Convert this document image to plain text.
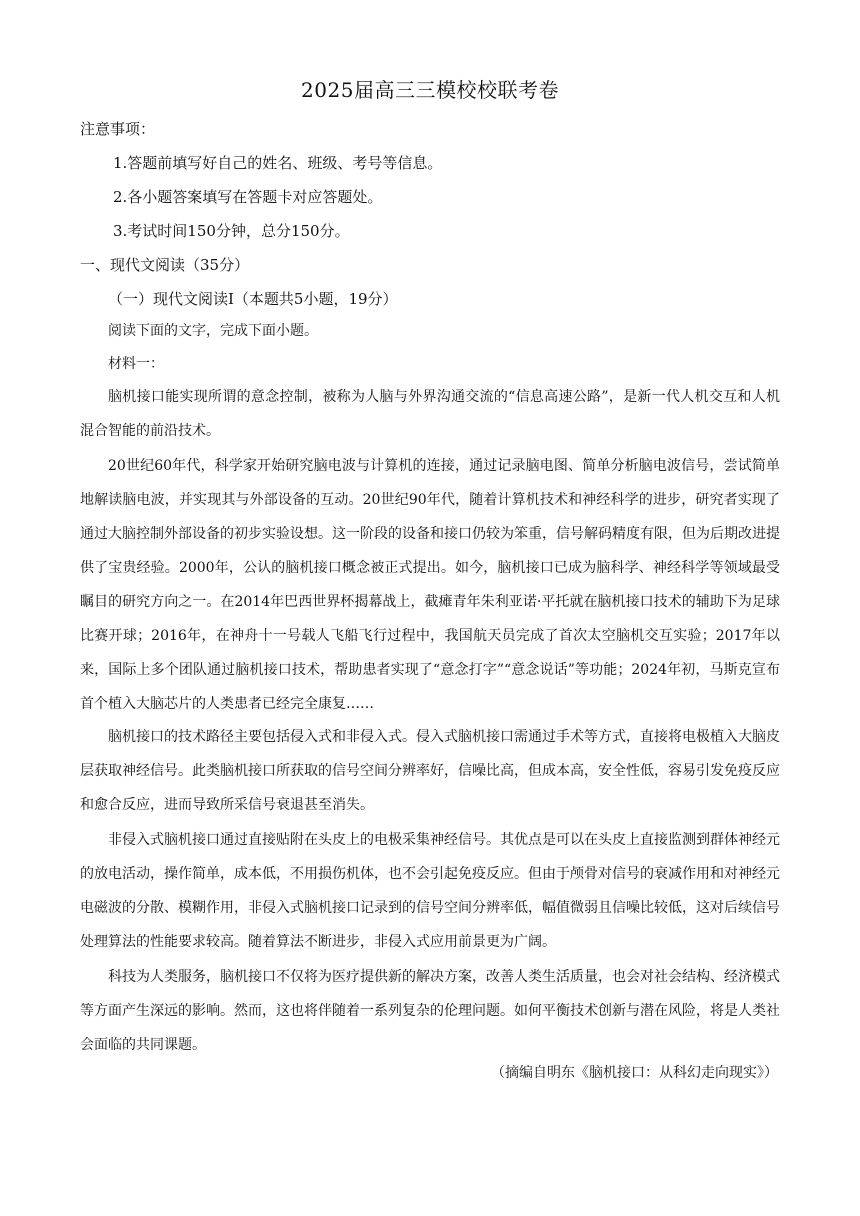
2025届高三三模校校联考卷
注意事项：
1.答题前填写好自己的姓名、班级、考号等信息。
2.各小题答案填写在答题卡对应答题处。
3.考试时间150分钟，总分150分。
一、现代文阅读（35分）
（一）现代文阅读Ⅰ（本题共5小题，19分）
阅读下面的文字，完成下面小题。
材料一：

脑机接口能实现所谓的意念控制，被称为人脑与外界沟通交流的“信息高速公路”，是新一代人机交互和人机混合智能的前沿技术。

20世纪60年代，科学家开始研究脑电波与计算机的连接，通过记录脑电图、简单分析脑电波信号，尝试简单地解读脑电波，并实现其与外部设备的互动。20世纪90年代，随着计算机技术和神经科学的进步，研究者实现了通过大脑控制外部设备的初步实验设想。这一阶段的设备和接口仍较为笨重，信号解码精度有限，但为后期改进提供了宝贵经验。2000年，公认的脑机接口概念被正式提出。如今，脑机接口已成为脑科学、神经科学等领域最受瞩目的研究方向之一。在2014年巴西世界杯揭幕战上，截瘫青年朱利亚诺·平托就在脑机接口技术的辅助下为足球比赛开球；2016年，在神舟十一号载人飞船飞行过程中，我国航天员完成了首次太空脑机交互实验；2017年以来，国际上多个团队通过脑机接口技术，帮助患者实现了“意念打字”“意念说话”等功能；2024年初，马斯克宣布首个植入大脑芯片的人类患者已经完全康复……

脑机接口的技术路径主要包括侵入式和非侵入式。侵入式脑机接口需通过手术等方式，直接将电极植入大脑皮层获取神经信号。此类脑机接口所获取的信号空间分辨率好，信噪比高，但成本高，安全性低，容易引发免疫反应和愈合反应，进而导致所采信号衰退甚至消失。

非侵入式脑机接口通过直接贴附在头皮上的电极采集神经信号。其优点是可以在头皮上直接监测到群体神经元的放电活动，操作简单，成本低，不用损伤机体，也不会引起免疫反应。但由于颅骨对信号的衰减作用和对神经元电磁波的分散、模糊作用，非侵入式脑机接口记录到的信号空间分辨率低，幅值微弱且信噪比较低，这对后续信号处理算法的性能要求较高。随着算法不断进步，非侵入式应用前景更为广阔。

科技为人类服务，脑机接口不仅将为医疗提供新的解决方案，改善人类生活质量，也会对社会结构、经济模式等方面产生深远的影响。然而，这也将伴随着一系列复杂的伦理问题。如何平衡技术创新与潜在风险，将是人类社会面临的共同课题。

（摘编自明东《脑机接口：从科幻走向现实》）
